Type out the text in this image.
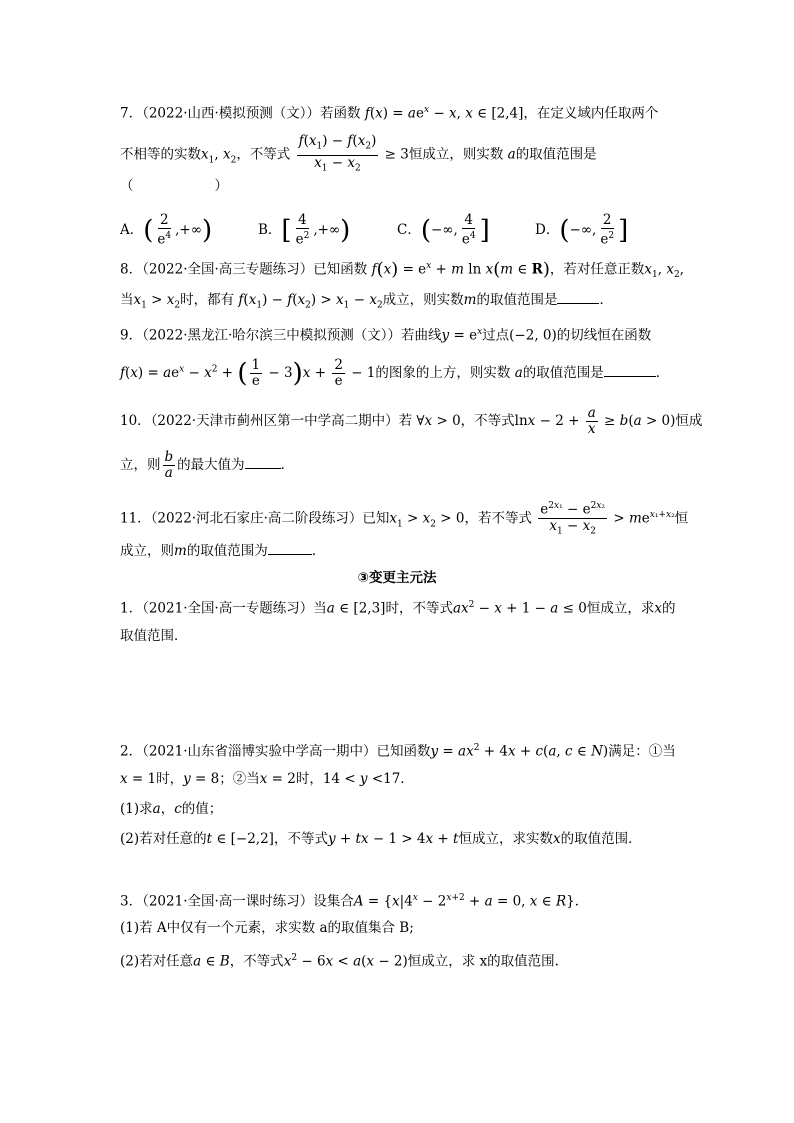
7．（2022·山西·模拟预测（文））若函数 $f(x) = ae^x - x$, x ∈ [2,4]，在定义域内任取两个
不相等的实数$x_1$, $x_2$，不等式 $\frac{f(x_1) - f(x_2)}{x_1 - x_2} \ge 3$恒成立，则实数 a的取值范围是
（　　　　　　）
A．( $\frac{2}{e^4}$ ,+∞)	B．[ $\frac{4}{e^2}$ ,+∞)	C．(−∞, $\frac{4}{e^4}$ ]	D．(−∞, $\frac{2}{e^2}$ ]
8．（2022·全国·高三专题练习）已知函数 $f(x) = e^x + m$ ln x(m ∈ R)，若对任意正数$x_1$, $x_2$,
当$x_1 > x_2$时，都有 $f(x_1) - f(x_2) > x_1 - x_2$成立，则实数m的取值范围是	．
9．（2022·黑龙江·哈尔滨三中模拟预测（文））若曲线$y = e^x$过点(−2, 0)的切线恒在函数
$f(x) = ae^x - x^2$ + ( $\frac{1}{e} - 3)x + \frac{2}{e} - 1$的图象的上方，则实数 a的取值范围是	．
10．（2022·天津市蓟州区第一中学高二期中）若 ∀x > 0，不等式$\ln x - 2 + \frac{a}{x} \ge b(a > 0)$恒成
立，则 $\frac{b}{a}$ 的最大值为	．
11．（2022·河北石家庄·高二阶段练习）已知$x_1 > x_2 > 0$，若不等式 $\frac{e^{2x_1} - e^{2x_2}}{x_1 - x_2} > me^{x_1+x_2}$恒
成立，则m的取值范围为	．
③变更主元法
1．（2021·全国·高一专题练习）当a ∈ [2,3]时，不等式$ax^2 - x + 1 - a \le 0$恒成立，求x的
取值范围．
2．（2021·山东省淄博实验中学高一期中）已知函数$y = ax^2 + 4x + c(a$, c ∈ N)满足：①当
x = 1时，y = 8；②当x = 2时，14 < y <17．
(1)求a，c的值；
(2)若对任意的t ∈ [−2,2]，不等式y + tx − 1 > 4x + t恒成立，求实数x的取值范围．
3．（2021·全国·高一课时练习）设集合$A = \{x|4^x - 2^{x+2} + a = 0$, x ∈ R}．
(1)若 A中仅有一个元素，求实数 a的取值集合 B;
(2)若对任意a ∈ B，不等式$x^2 - 6x < a(x - 2)$恒成立，求 x的取值范围.
